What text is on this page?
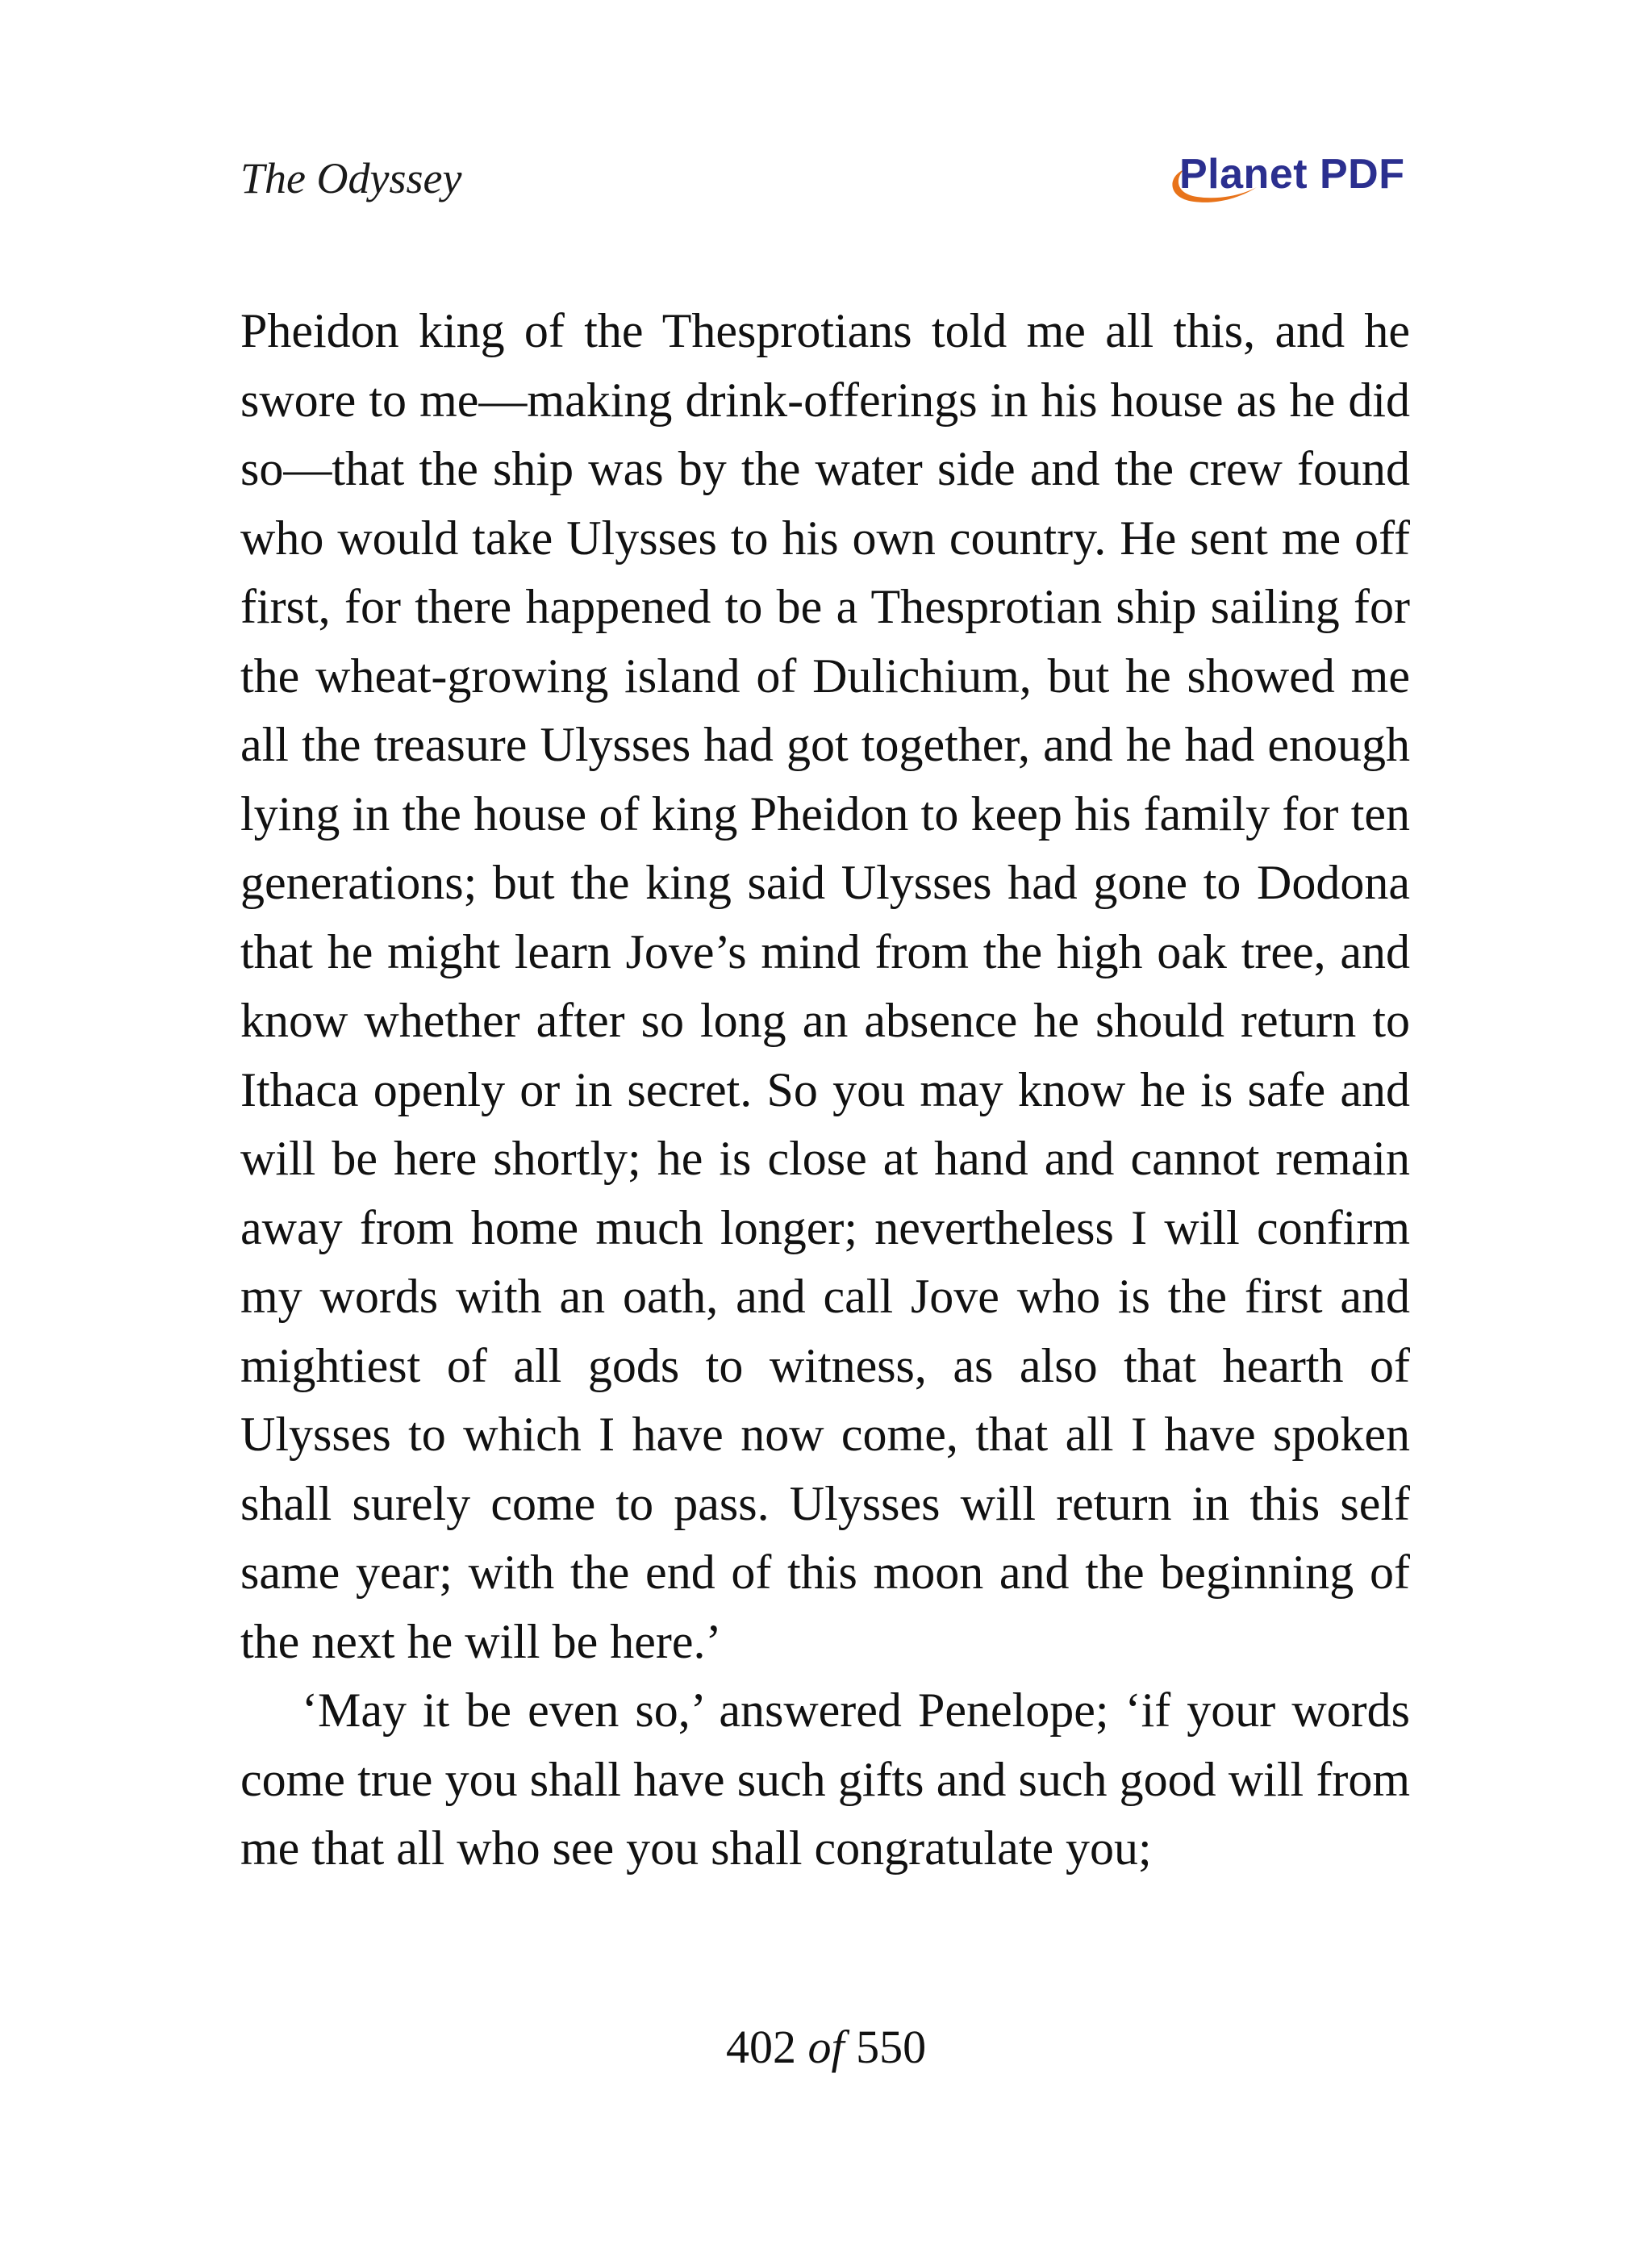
The Odyssey	Planet PDF

Pheidon king of the Thesprotians told me all this, and he swore to me—making drink-offerings in his house as he did so—that the ship was by the water side and the crew found who would take Ulysses to his own country. He sent me off first, for there happened to be a Thesprotian ship sailing for the wheat-growing island of Dulichium, but he showed me all the treasure Ulysses had got together, and he had enough lying in the house of king Pheidon to keep his family for ten generations; but the king said Ulysses had gone to Dodona that he might learn Jove’s mind from the high oak tree, and know whether after so long an absence he should return to Ithaca openly or in secret. So you may know he is safe and will be here shortly; he is close at hand and cannot remain away from home much longer; nevertheless I will confirm my words with an oath, and call Jove who is the first and mightiest of all gods to witness, as also that hearth of Ulysses to which I have now come, that all I have spoken shall surely come to pass. Ulysses will return in this self same year; with the end of this moon and the beginning of the next he will be here.’

‘May it be even so,’ answered Penelope; ‘if your words come true you shall have such gifts and such good will from me that all who see you shall congratulate you;

402 of 550
